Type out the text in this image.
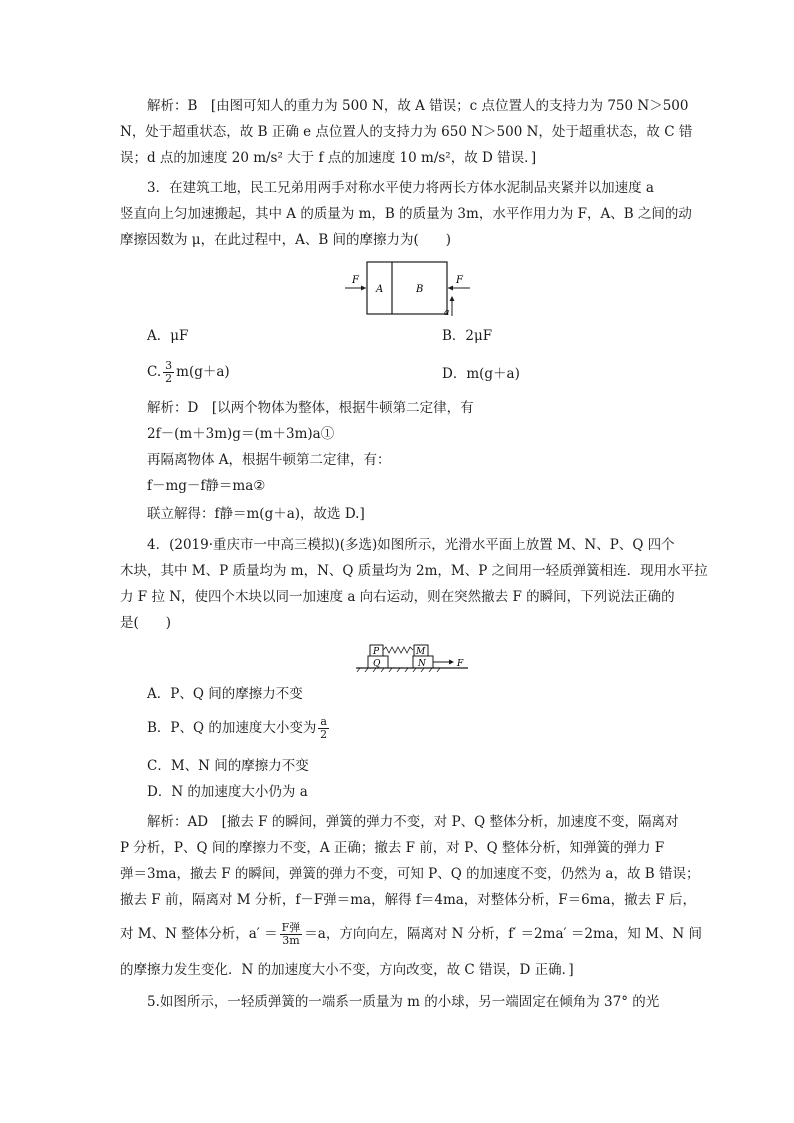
解析：B　[由图可知人的重力为 500 N，故 A 错误；c 点位置人的支持力为 750 N＞500
N，处于超重状态，故 B 正确 e 点位置人的支持力为 650 N＞500 N，处于超重状态，故 C 错
误；d 点的加速度 20 m/s² 大于 f 点的加速度 10 m/s²，故 D 错误．]
3．在建筑工地，民工兄弟用两手对称水平使力将两长方体水泥制品夹紧并以加速度 a
竖直向上匀加速搬起，其中 A 的质量为 m，B 的质量为 3m，水平作用力为 F，A、B 之间的动
摩擦因数为 μ，在此过程中，A、B 间的摩擦力为(　　)
F
A	B
F
a
A．μF	B．2μF
C. $\frac{3}{2} m(g+a)$	D．m(g＋a)
解析：D　[以两个物体为整体，根据牛顿第二定律，有
2f－(m＋3m)g＝(m＋3m)a①
再隔离物体 A，根据牛顿第二定律，有：
f－mg－f静＝ma②
联立解得：f静＝m(g＋a)，故选 D.]
4．(2019·重庆市一中高三模拟)(多选)如图所示，光滑水平面上放置 M、N、P、Q 四个
木块，其中 M、P 质量均为 m，N、Q 质量均为 2m，M、P 之间用一轻质弹簧相连．现用水平拉
力 F 拉 N，使四个木块以同一加速度 a 向右运动，则在突然撤去 F 的瞬间，下列说法正确的
是(　　)
P
Q
M
N	F
A．P、Q 间的摩擦力不变
B．P、Q 的加速度大小变为 $\frac{a}{2}$
C．M、N 间的摩擦力不变
D．N 的加速度大小仍为 a
解析：AD　[撤去 F 的瞬间，弹簧的弹力不变，对 P、Q 整体分析，加速度不变，隔离对
P 分析，P、Q 间的摩擦力不变，A 正确；撤去 F 前，对 P、Q 整体分析，知弹簧的弹力 F
弹＝3ma，撤去 F 的瞬间，弹簧的弹力不变，可知 P、Q 的加速度不变，仍然为 a，故 B 错误；
撤去 F 前，隔离对 M 分析，f－F弹＝ma，解得 f＝4ma，对整体分析，F＝6ma，撤去 F 后，
对 M、N 整体分析，$a' = \frac{\text{F弹}}{3m} =a$，方向向左，隔离对 N 分析，f′ ＝2ma′ ＝2ma，知 M、N 间
的摩擦力发生变化．N 的加速度大小不变，方向改变，故 C 错误，D 正确．]
5.如图所示，一轻质弹簧的一端系一质量为 m 的小球，另一端固定在倾角为 37° 的光
